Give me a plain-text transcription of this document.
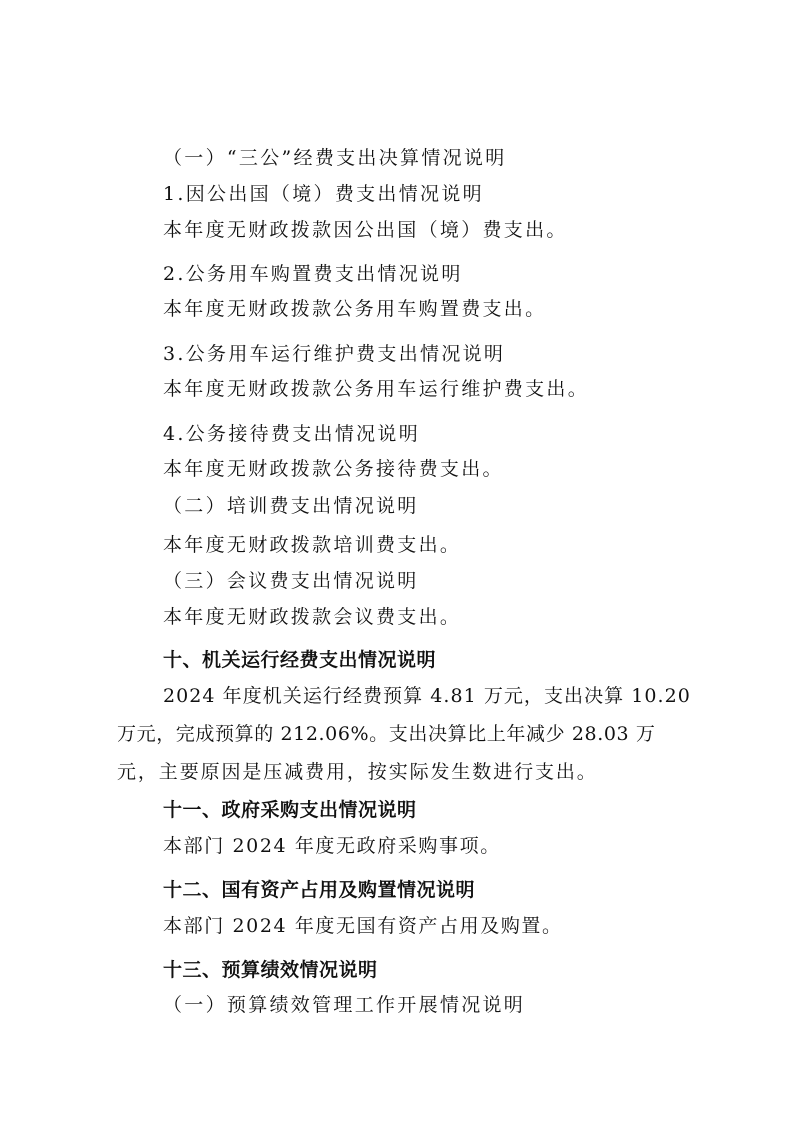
（一）“三公”经费支出决算情况说明
1.因公出国（境）费支出情况说明
本年度无财政拨款因公出国（境）费支出。
2.公务用车购置费支出情况说明
本年度无财政拨款公务用车购置费支出。
3.公务用车运行维护费支出情况说明
本年度无财政拨款公务用车运行维护费支出。
4.公务接待费支出情况说明
本年度无财政拨款公务接待费支出。
（二）培训费支出情况说明
本年度无财政拨款培训费支出。
（三）会议费支出情况说明
本年度无财政拨款会议费支出。
十、机关运行经费支出情况说明
2024 年度机关运行经费预算 4.81 万元，支出决算 10.20
万元，完成预算的 212.06%。支出决算比上年减少 28.03 万
元，主要原因是压减费用，按实际发生数进行支出。
十一、政府采购支出情况说明
本部门 2024 年度无政府采购事项。
十二、国有资产占用及购置情况说明
本部门 2024 年度无国有资产占用及购置。
十三、预算绩效情况说明
（一）预算绩效管理工作开展情况说明
